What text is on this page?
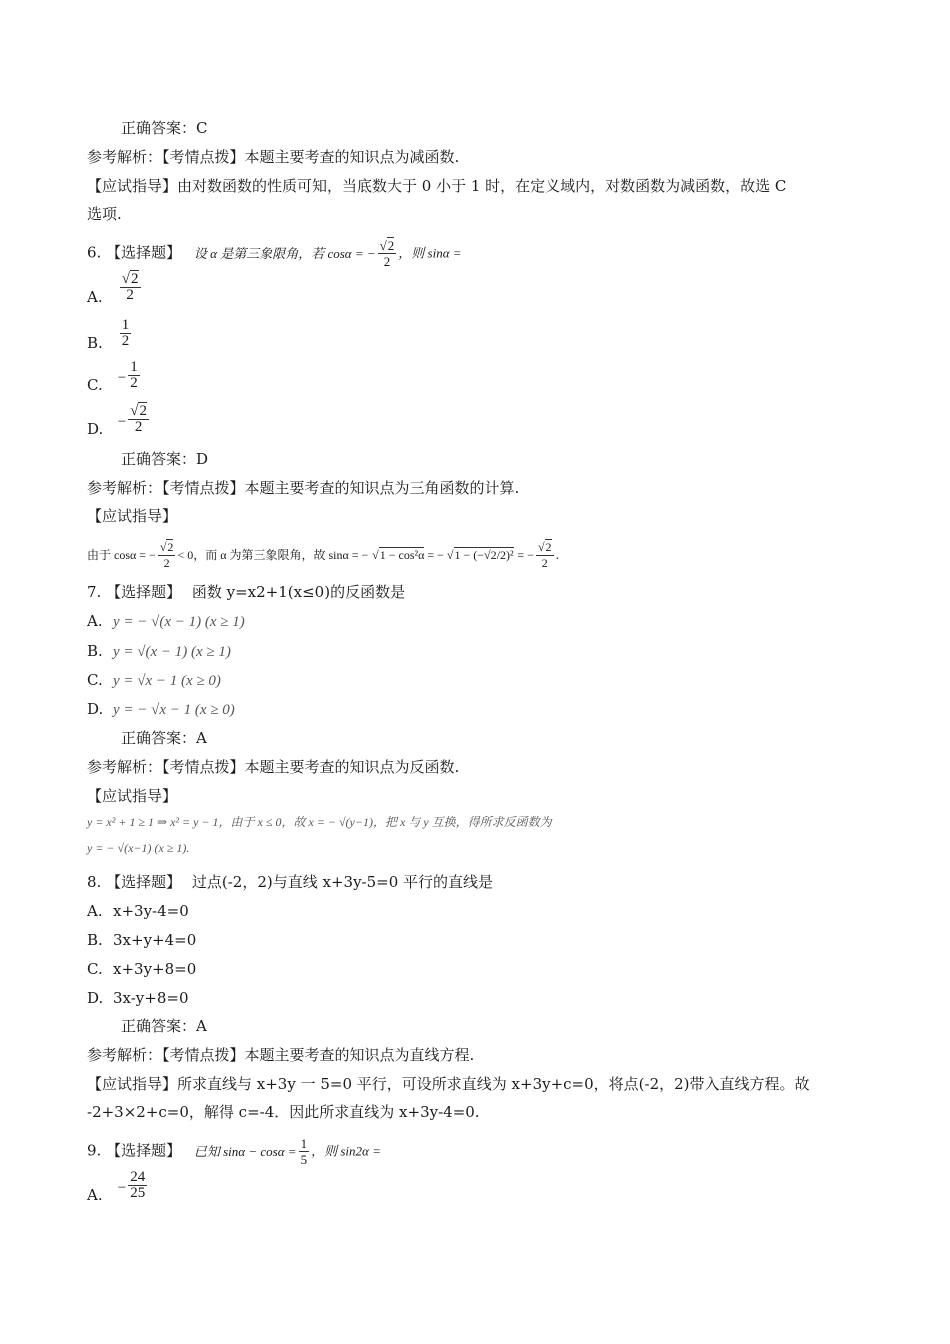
正确答案：C
参考解析：【考情点拨】本题主要考查的知识点为减函数.
【应试指导】由对数函数的性质可知，当底数大于 0 小于 1 时，在定义域内，对数函数为减函数，故选 C
选项.
6. 【选择题】 设 α 是第三象限角，若 cosα = − $\frac{√2}{2}$ ，则 sinα =
A. $\frac{√2}{2}$
B. $\frac{1}{2}$
C. − $\frac{1}{2}$
D. − $\frac{√2}{2}$
正确答案：D
参考解析：【考情点拨】本题主要考查的知识点为三角函数的计算.
【应试指导】
由于 cosα = − $\frac{√2}{2} < 0$，而 α 为第三象限角，故 sinα = − √1 − cos²α = − √1 − (−√2/2)² = − $\frac{√2}{2}$ .
7. 【选择题】 函数 y=x2+1(x≤0)的反函数是
A. y = − √(x − 1) (x ≥ 1)
B. y = √(x − 1) (x ≥ 1)
C. y = √x − 1 (x ≥ 0)
D. y = − √x − 1 (x ≥ 0)
正确答案：A
参考解析：【考情点拨】本题主要考查的知识点为反函数.
【应试指导】
y = x² + 1 ≥ 1 ⇒ x² = y − 1，由于 x ≤ 0，故 x = − √(y−1)，把 x 与 y 互换，得所求反函数为
y = − √(x−1) (x ≥ 1).
8. 【选择题】 过点(-2，2)与直线 x+3y-5=0 平行的直线是
A. x+3y-4=0
B. 3x+y+4=0
C. x+3y+8=0
D. 3x-y+8=0
正确答案：A
参考解析：【考情点拨】本题主要考查的知识点为直线方程.
【应试指导】所求直线与 x+3y 一 5=0 平行，可设所求直线为 x+3y+c=0，将点(-2，2)带入直线方程。故
-2+3×2+c=0，解得 c=-4．因此所求直线为 x+3y-4=0.
9. 【选择题】 已知 $\sin\alpha - \cos\alpha = \frac{1}{5}$ ，则 sin2α =
A. − $\frac{24}{25}$
